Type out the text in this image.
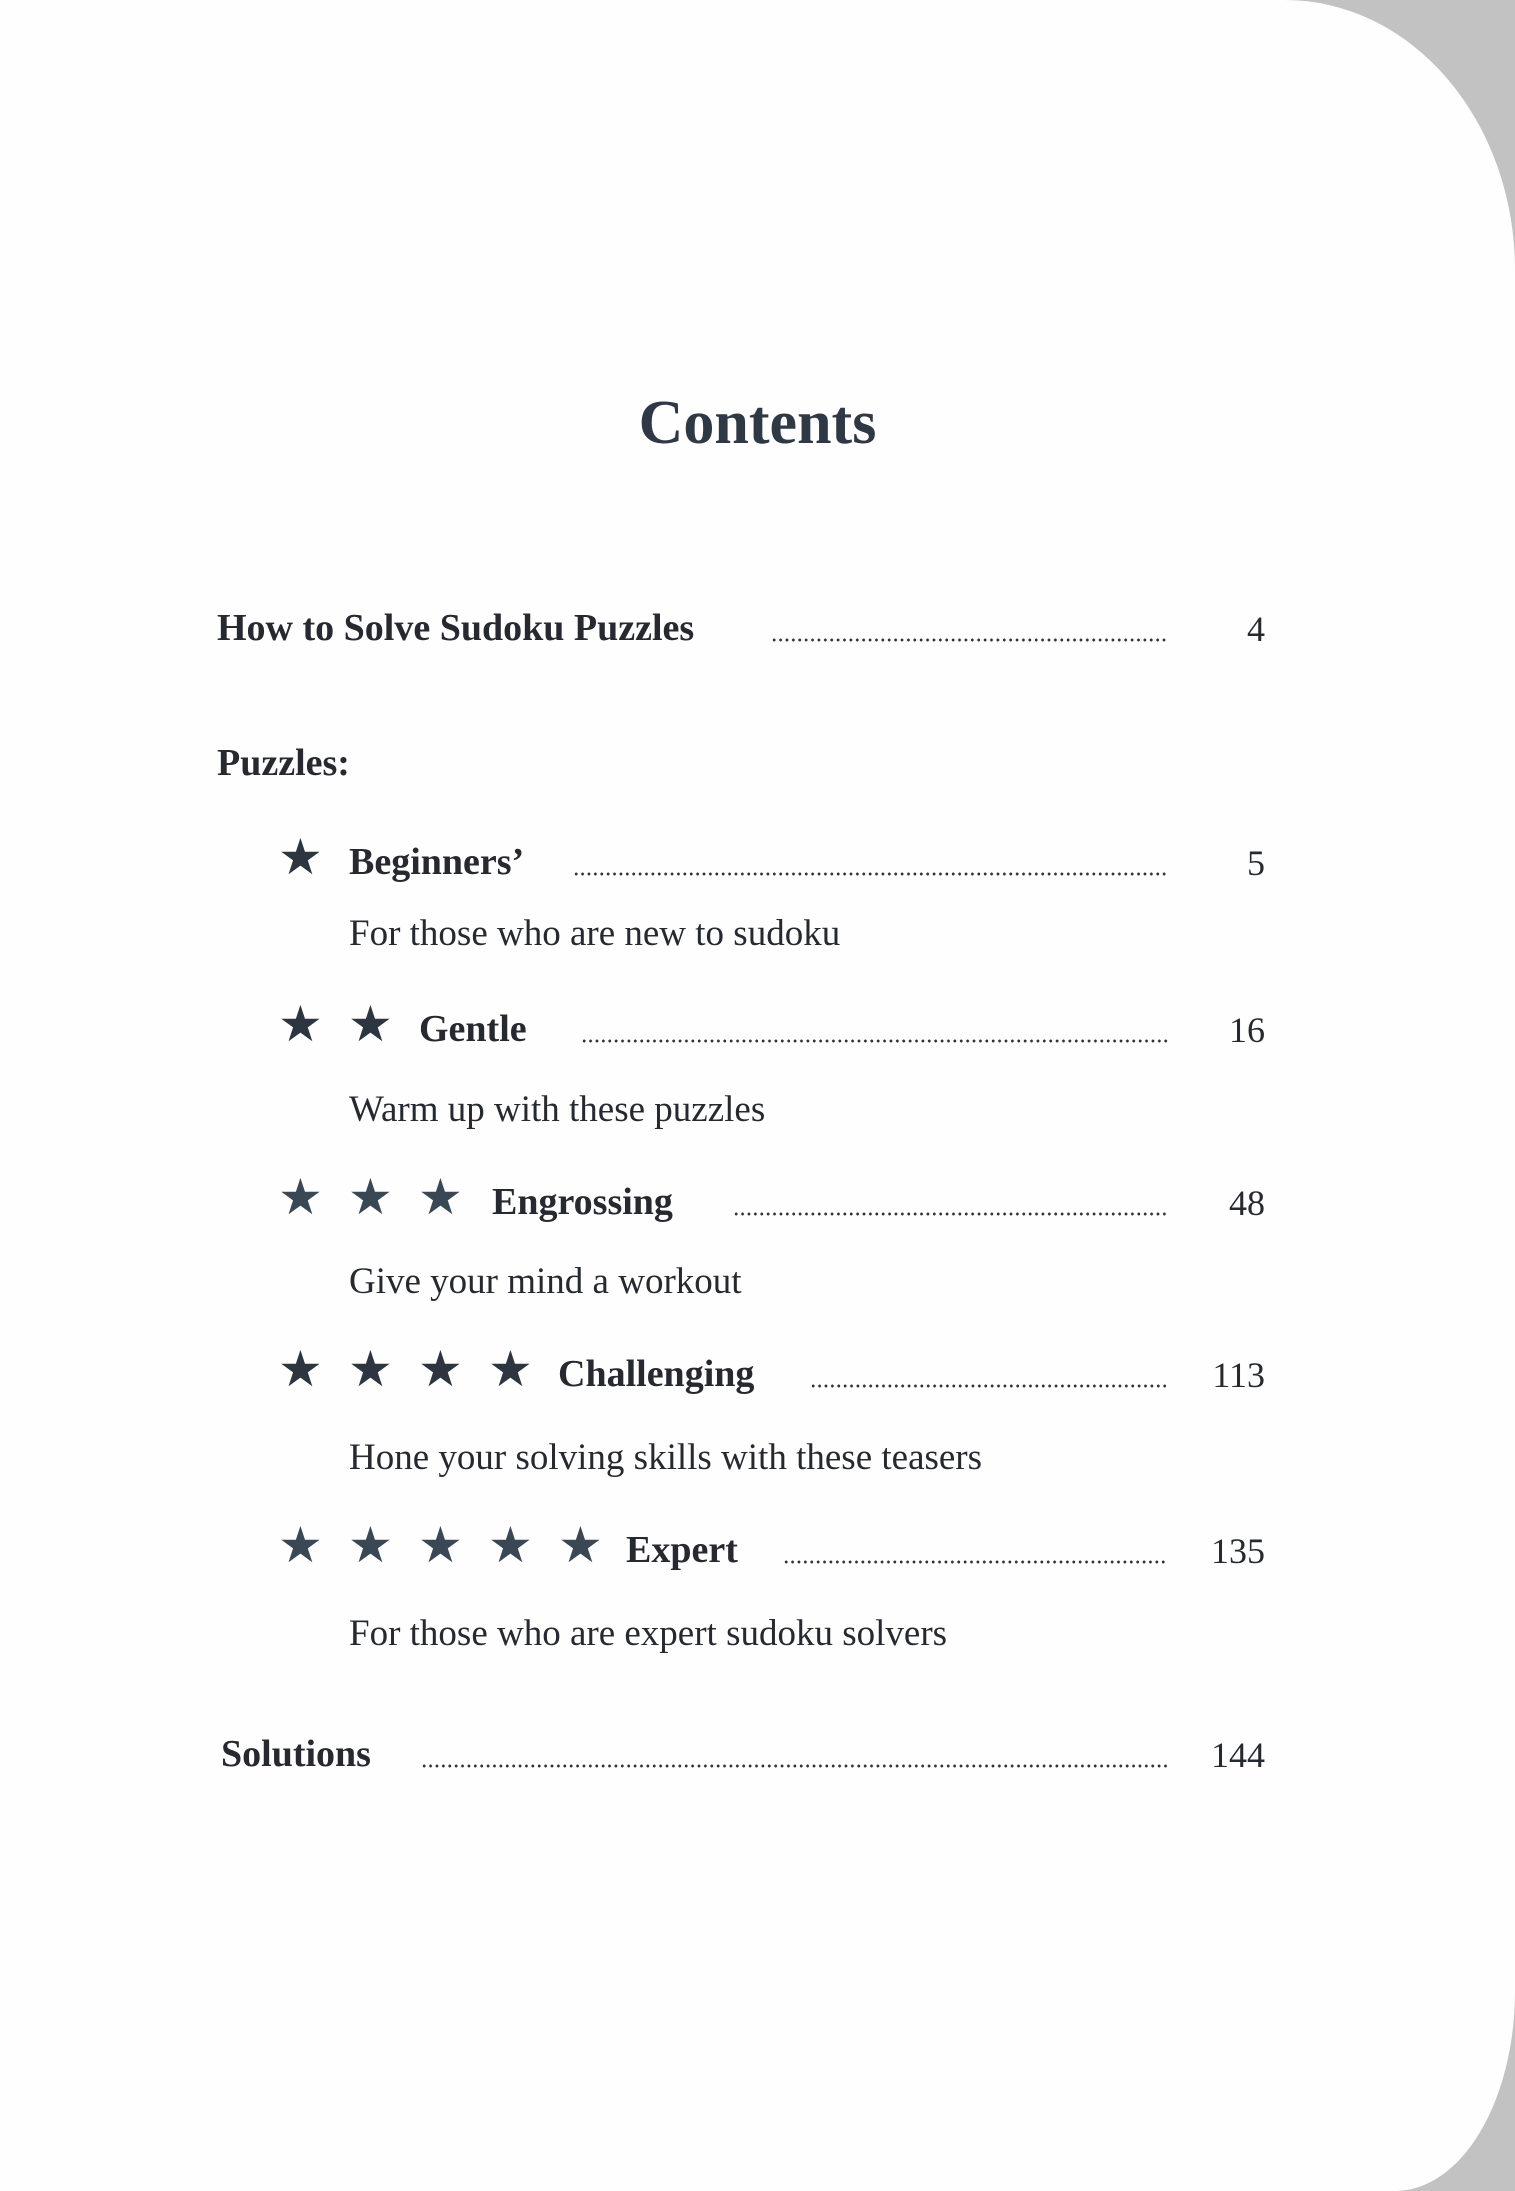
Contents
How to Solve Sudoku Puzzles	4
Puzzles:
★ Beginners’	5
For those who are new to sudoku
★ ★ Gentle	16
Warm up with these puzzles
★ ★ ★ Engrossing	48
Give your mind a workout
★ ★ ★ ★ Challenging	113
Hone your solving skills with these teasers
★ ★ ★ ★ ★ Expert	135
For those who are expert sudoku solvers
Solutions	144
